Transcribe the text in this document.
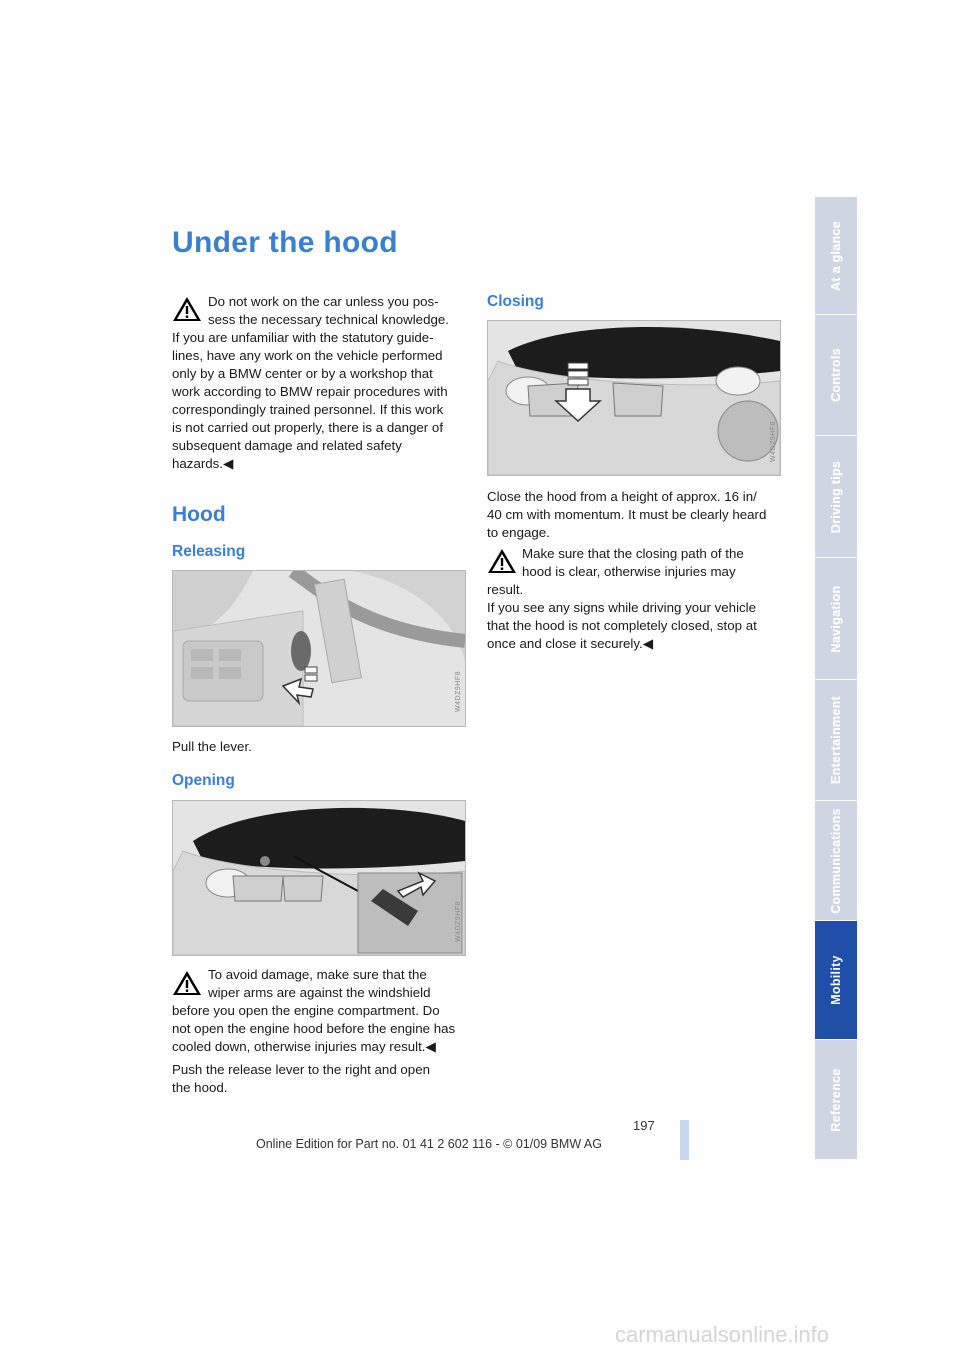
Under the hood
Do not work on the car unless you pos-
sess the necessary technical knowledge.
If you are unfamiliar with the statutory guide-
lines, have any work on the vehicle performed
only by a BMW center or by a workshop that
work according to BMW repair procedures with
correspondingly trained personnel. If this work
is not carried out properly, there is a danger of
subsequent damage and related safety
hazards.◀
Hood
Releasing
W4DZ9HF8
Pull the lever.
Opening
W4DZ9HF8
To avoid damage, make sure that the
wiper arms are against the windshield
before you open the engine compartment. Do
not open the engine hood before the engine has
cooled down, otherwise injuries may result.◀
Push the release lever to the right and open
the hood.
Closing
W4DZ9HF8
Close the hood from a height of approx. 16 in/
40 cm with momentum. It must be clearly heard
to engage.
Make sure that the closing path of the
hood is clear, otherwise injuries may
result.
If you see any signs while driving your vehicle
that the hood is not completely closed, stop at
once and close it securely.◀
At a glance
Controls
Driving tips
Navigation
Entertainment
Communications
Mobility
Reference
197
Online Edition for Part no. 01 41 2 602 116 - © 01/09 BMW AG
carmanualsonline.info
